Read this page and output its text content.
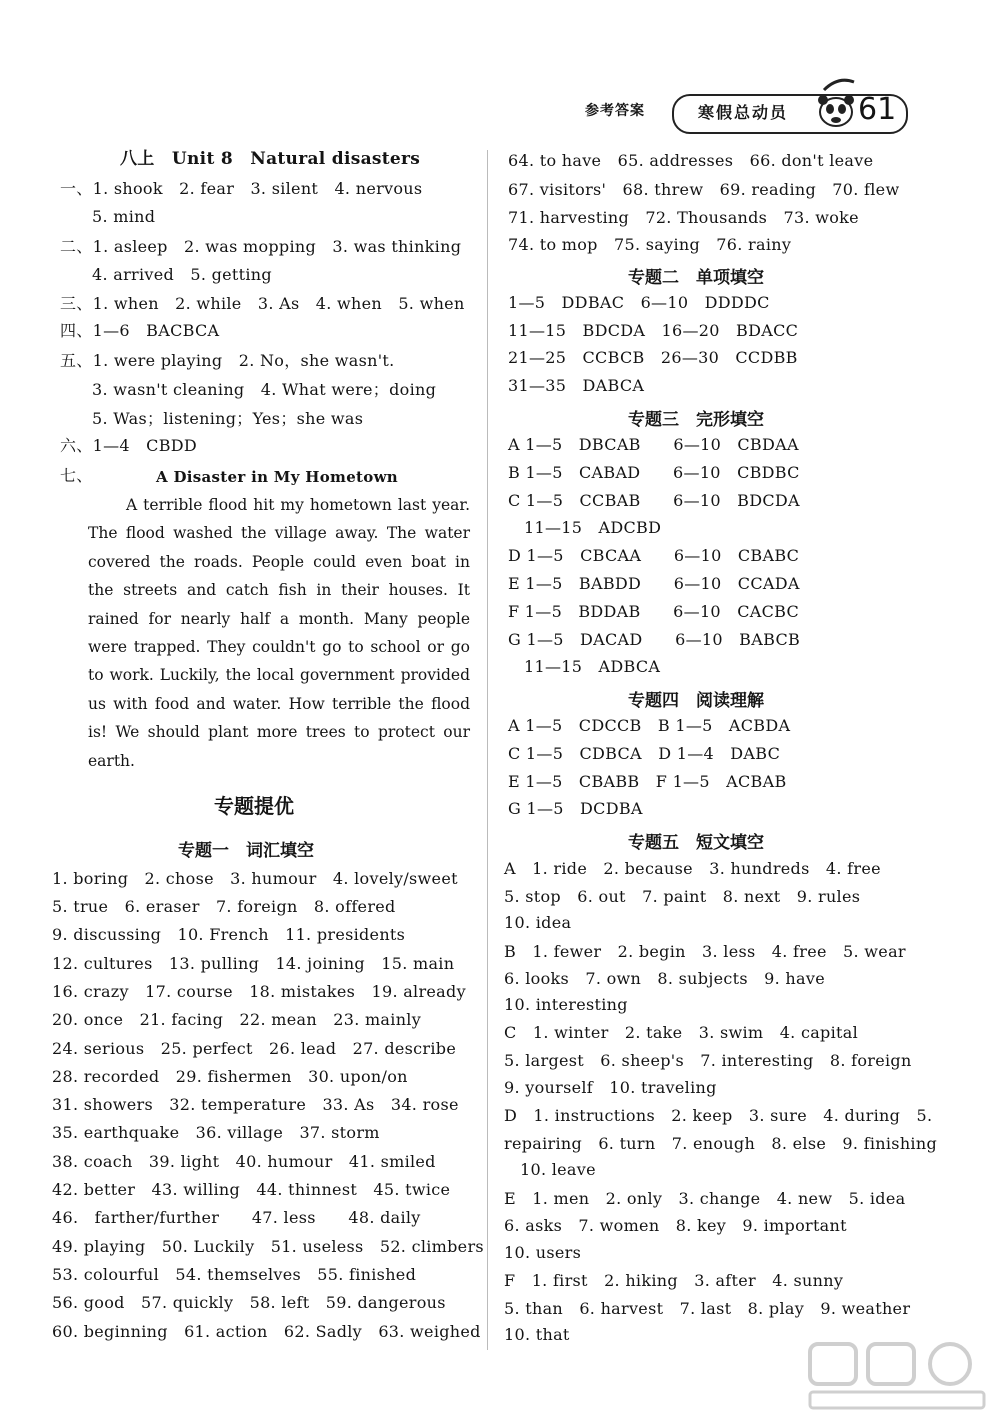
参考答案	寒假总动员 61
八上　Unit 8　Natural disasters
一、1. shook　2. fear　3. silent　4. nervous
5. mind
二、1. asleep　2. was mopping　3. was thinking
4. arrived　5. getting
三、1. when　2. while　3. As　4. when　5. when
四、1—6　BACBCA
五、1. were playing　2. No，she wasn't.
3. wasn't cleaning　4. What were；doing
5. Was；listening；Yes；she was
六、1—4　CBDD
七、	A Disaster in My Hometown

A terrible flood hit my hometown last year. The flood washed the village away. The water covered the roads. People could even boat in the streets and catch fish in their houses. It rained for nearly half a month. Many people were trapped. They couldn't go to school or go to work. Luckily, the local government provided us with food and water. How terrible the flood is! We should plant more trees to protect our earth.

专题提优
专题一　词汇填空
1. boring　2. chose　3. humour　4. lovely/sweet
5. true　6. eraser　7. foreign　8. offered
9. discussing　10. French　11. presidents
12. cultures　13. pulling　14. joining　15. main
16. crazy　17. course　18. mistakes　19. already
20. once　21. facing　22. mean　23. mainly
24. serious　25. perfect　26. lead　27. describe
28. recorded　29. fishermen　30. upon/on
31. showers　32. temperature　33. As　34. rose
35. earthquake　36. village　37. storm
38. coach　39. light　40. humour　41. smiled
42. better　43. willing　44. thinnest　45. twice
46.　farther/further　　47. less　　48. daily
49. playing　50. Luckily　51. useless　52. climbers
53. colourful　54. themselves　55. finished
56. good　57. quickly　58. left　59. dangerous
60. beginning　61. action　62. Sadly　63. weighed
64. to have　65. addresses　66. don't leave
67. visitors'　68. threw　69. reading　70. flew
71. harvesting　72. Thousands　73. woke
74. to mop　75. saying　76. rainy
专题二　单项填空
1—5　DDBAC　6—10　DDDDC
11—15　BDCDA　16—20　BDACC
21—25　CCBCB　26—30　CCDBB
31—35　DABCA
专题三　完形填空
A 1—5　DBCAB　　6—10　CBDAA
B 1—5　CABAD　　6—10　CBDBC
C 1—5　CCBAB　　6—10　BDCDA
11—15　ADCBD
D 1—5　CBCAA　　6—10　CBABC
E 1—5　BABDD　　6—10　CCADA
F 1—5　BDDAB　　6—10　CACBC
G 1—5　DACAD　　6—10　BABCB
11—15　ADBCA
专题四　阅读理解
A 1—5　CDCCB　B 1—5　ACBDA
C 1—5　CDBCA　D 1—4　DABC
E 1—5　CBABB　F 1—5　ACBAB
G 1—5　DCDBA
专题五　短文填空
A　1. ride　2. because　3. hundreds　4. free
5. stop　6. out　7. paint　8. next　9. rules
10. idea
B　1. fewer　2. begin　3. less　4. free　5. wear
6. looks　7. own　8. subjects　9. have
10. interesting
C　1. winter　2. take　3. swim　4. capital
5. largest　6. sheep's　7. interesting　8. foreign
9. yourself　10. traveling
D　1. instructions　2. keep　3. sure　4. during　5.
repairing　6. turn　7. enough　8. else　9. finishing
10. leave
E　1. men　2. only　3. change　4. new　5. idea
6. asks　7. women　8. key　9. important
10. users
F　1. first　2. hiking　3. after　4. sunny
5. than　6. harvest　7. last　8. play　9. weather
10. that
